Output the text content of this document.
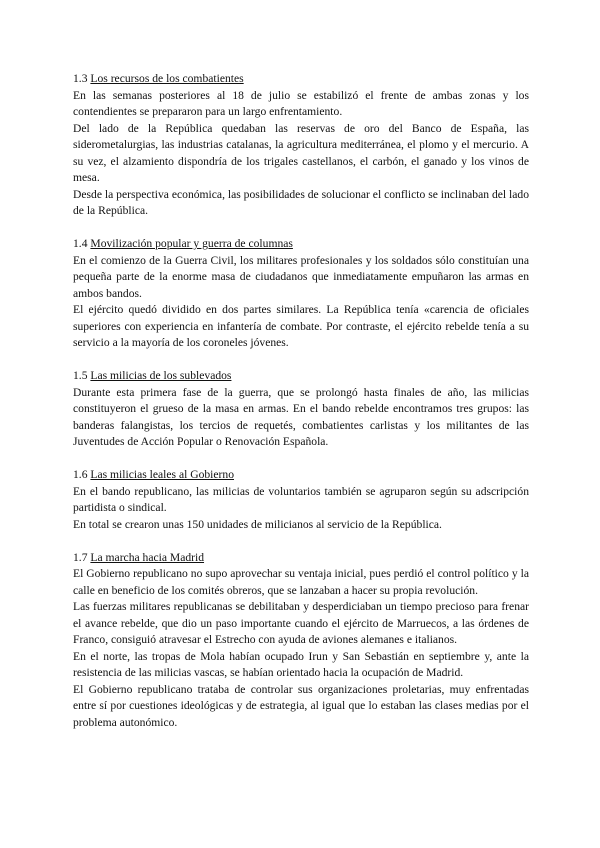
1.3 Los recursos de los combatientes

En las semanas posteriores al 18 de julio se estabilizó el frente de ambas zonas y los contendientes se prepararon para un largo enfrentamiento.

Del lado de la República quedaban las reservas de oro del Banco de España, las siderometalurgias, las industrias catalanas, la agricultura mediterránea, el plomo y el mercurio. A su vez, el alzamiento dispondría de los trigales castellanos, el carbón, el ganado y los vinos de mesa.

Desde la perspectiva económica, las posibilidades de solucionar el conflicto se inclinaban del lado de la República.

1.4 Movilización popular y guerra de columnas

En el comienzo de la Guerra Civil, los militares profesionales y los soldados sólo constituían una pequeña parte de la enorme masa de ciudadanos que inmediatamente empuñaron las armas en ambos bandos.

El ejército quedó dividido en dos partes similares. La República tenía «carencia de oficiales superiores con experiencia en infantería de combate. Por contraste, el ejército rebelde tenía a su servicio a la mayoría de los coroneles jóvenes.

1.5 Las milicias de los sublevados

Durante esta primera fase de la guerra, que se prolongó hasta finales de año, las milicias constituyeron el grueso de la masa en armas. En el bando rebelde encontramos tres grupos: las banderas falangistas, los tercios de requetés, combatientes carlistas y los militantes de las Juventudes de Acción Popular o Renovación Española.

1.6 Las milicias leales al Gobierno

En el bando republicano, las milicias de voluntarios también se agruparon según su adscripción partidista o sindical.

En total se crearon unas 150 unidades de milicianos al servicio de la República.

1.7 La marcha hacia Madrid

El Gobierno republicano no supo aprovechar su ventaja inicial, pues perdió el control político y la calle en beneficio de los comités obreros, que se lanzaban a hacer su propia revolución.

Las fuerzas militares republicanas se debilitaban y desperdiciaban un tiempo precioso para frenar el avance rebelde, que dio un paso importante cuando el ejército de Marruecos, a las órdenes de Franco, consiguió atravesar el Estrecho con ayuda de aviones alemanes e italianos.

En el norte, las tropas de Mola habían ocupado Irun y San Sebastián en septiembre y, ante la resistencia de las milicias vascas, se habían orientado hacia la ocupación de Madrid.

El Gobierno republicano trataba de controlar sus organizaciones proletarias, muy enfrentadas entre sí por cuestiones ideológicas y de estrategia, al igual que lo estaban las clases medias por el problema autonómico.
